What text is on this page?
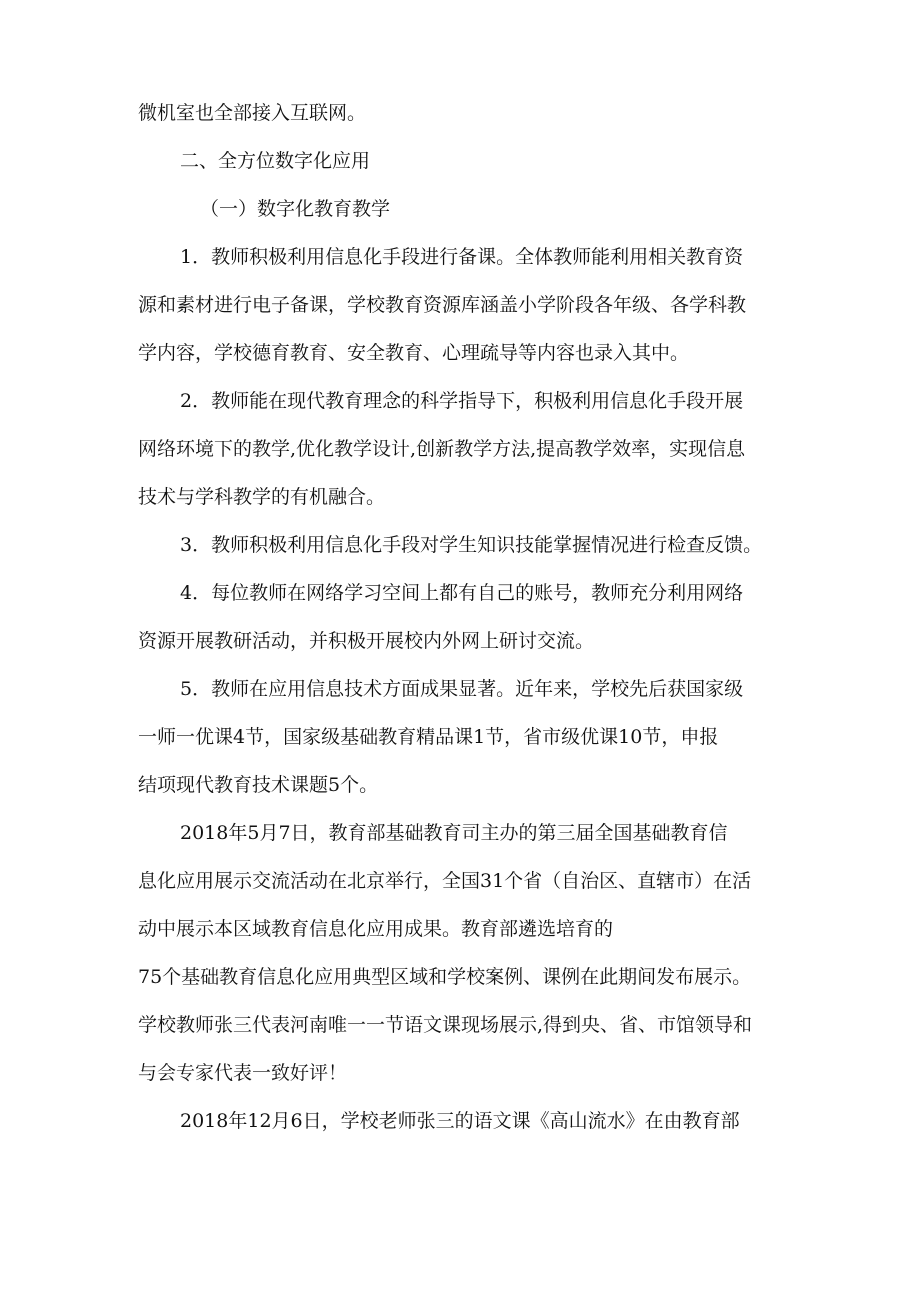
微机室也全部接入互联网。
二、全方位数字化应用
（一）数字化教育教学
1．教师积极利用信息化手段进行备课。全体教师能利用相关教育资
源和素材进行电子备课，学校教育资源库涵盖小学阶段各年级、各学科教
学内容，学校德育教育、安全教育、心理疏导等内容也录入其中。
2．教师能在现代教育理念的科学指导下，积极利用信息化手段开展
网络环境下的教学,优化教学设计,创新教学方法,提高教学效率，实现信息
技术与学科教学的有机融合。
3．教师积极利用信息化手段对学生知识技能掌握情况进行检查反馈。
4．每位教师在网络学习空间上都有自己的账号，教师充分利用网络
资源开展教研活动，并积极开展校内外网上研讨交流。
5．教师在应用信息技术方面成果显著。近年来，学校先后获国家级
一师一优课4节，国家级基础教育精品课1节，省市级优课10节，申报
结项现代教育技术课题5个。
2018年5月7日，教育部基础教育司主办的第三届全国基础教育信
息化应用展示交流活动在北京举行，全国31个省（自治区、直辖市）在活
动中展示本区域教育信息化应用成果。教育部遴选培育的
75个基础教育信息化应用典型区域和学校案例、课例在此期间发布展示。
学校教师张三代表河南唯一一节语文课现场展示,得到央、省、市馆领导和
与会专家代表一致好评！
2018年12月6日，学校老师张三的语文课《高山流水》在由教育部
